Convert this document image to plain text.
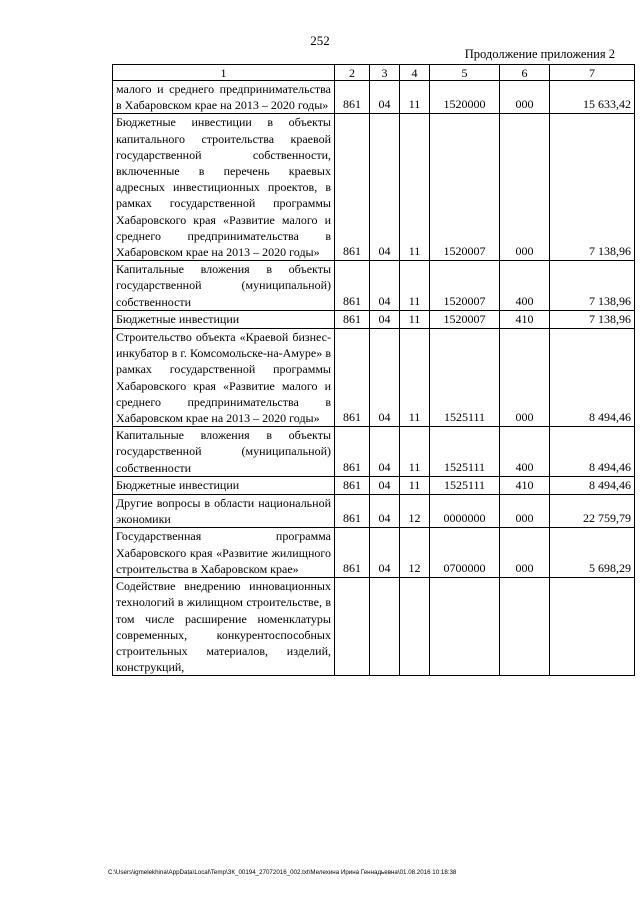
252
Продолжение приложения 2
1	2	3	4	5	6	7
малого и среднего предпринимательства в Хабаровском крае на 2013 – 2020 годы»	861	04	11	1520000	000	15 633,42
Бюджетные инвестиции в объекты капитального строительства краевой государственной собственности, включенные в перечень краевых адресных инвестиционных проектов, в рамках государственной программы Хабаровского края «Развитие малого и среднего предпринимательства в Хабаровском крае на 2013 – 2020 годы»	861	04	11	1520007	000	7 138,96
Капитальные вложения в объекты государственной (муниципальной) собственности	861	04	11	1520007	400	7 138,96
Бюджетные инвестиции	861	04	11	1520007	410	7 138,96
Строительство объекта «Краевой бизнес-инкубатор в г. Комсомольске-на-Амуре» в рамках государственной программы Хабаровского края «Развитие малого и среднего предпринимательства в Хабаровском крае на 2013 – 2020 годы»	861	04	11	1525111	000	8 494,46
Капитальные вложения в объекты государственной (муниципальной) собственности	861	04	11	1525111	400	8 494,46
Бюджетные инвестиции	861	04	11	1525111	410	8 494,46
Другие вопросы в области национальной экономики	861	04	12	0000000	000	22 759,79
Государственная программа Хабаровского края «Развитие жилищного строительства в Хабаровском крае»	861	04	12	0700000	000	5 698,29
Содействие внедрению инновационных технологий в жилищном строительстве, в том числе расширение номенклатуры современных, конкурентоспособных строительных материалов, изделий, конструкций,						
C:\Users\igmelekhina\AppData\Local\Temp\ЗК_00194_27072016_002.txt\Мелехина Ирина Геннадьевна\01.08.2016 10:18:38
